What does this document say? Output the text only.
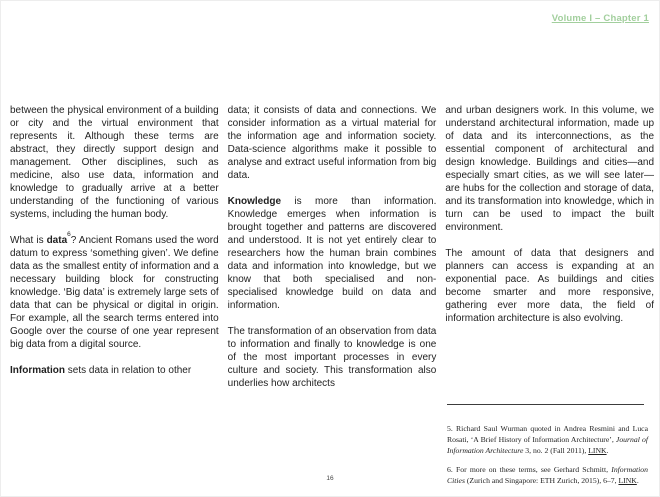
Volume I – Chapter 1

between the physical environment of a building or city and the virtual environment that represents it. Although these terms are abstract, they directly support design and management. Other disciplines, such as medicine, also use data, information and knowledge to gradually arrive at a better understanding of the functioning of various systems, including the human body.

What is data$^6$? Ancient Romans used the word datum to express ‘something given’. We define data as the smallest entity of information and a necessary building block for constructing knowledge. ‘Big data’ is extremely large sets of data that can be physical or digital in origin. For example, all the search terms entered into Google over the course of one year represent big data from a digital source.

Information sets data in relation to other

data; it consists of data and connections. We consider information as a virtual material for the information age and information society. Data-science algorithms make it possible to analyse and extract useful information from big data.

Knowledge is more than information. Knowledge emerges when information is brought together and patterns are discovered and understood. It is not yet entirely clear to researchers how the human brain combines data and information into knowledge, but we know that both specialised and non-specialised knowledge build on data and information.

The transformation of an observation from data to information and finally to knowledge is one of the most important processes in every culture and society. This transformation also underlies how architects

and urban designers work. In this volume, we understand architectural information, made up of data and its interconnections, as the essential component of architectural and design knowledge. Buildings and cities—and especially smart cities, as we will see later—are hubs for the collection and storage of data, and its transformation into knowledge, which in turn can be used to impact the built environment.

The amount of data that designers and planners can access is expanding at an exponential pace. As buildings and cities become smarter and more responsive, gathering ever more data, the field of information architecture is also evolving.

5. Richard Saul Wurman quoted in Andrea Resmini and Luca Rosati, ‘A Brief History of Information Architecture’, Journal of Information Architecture 3, no. 2 (Fall 2011), LINK.

6. For more on these terms, see Gerhard Schmitt, Information Cities (Zurich and Singapore: ETH Zurich, 2015), 6–7, LINK.

16
